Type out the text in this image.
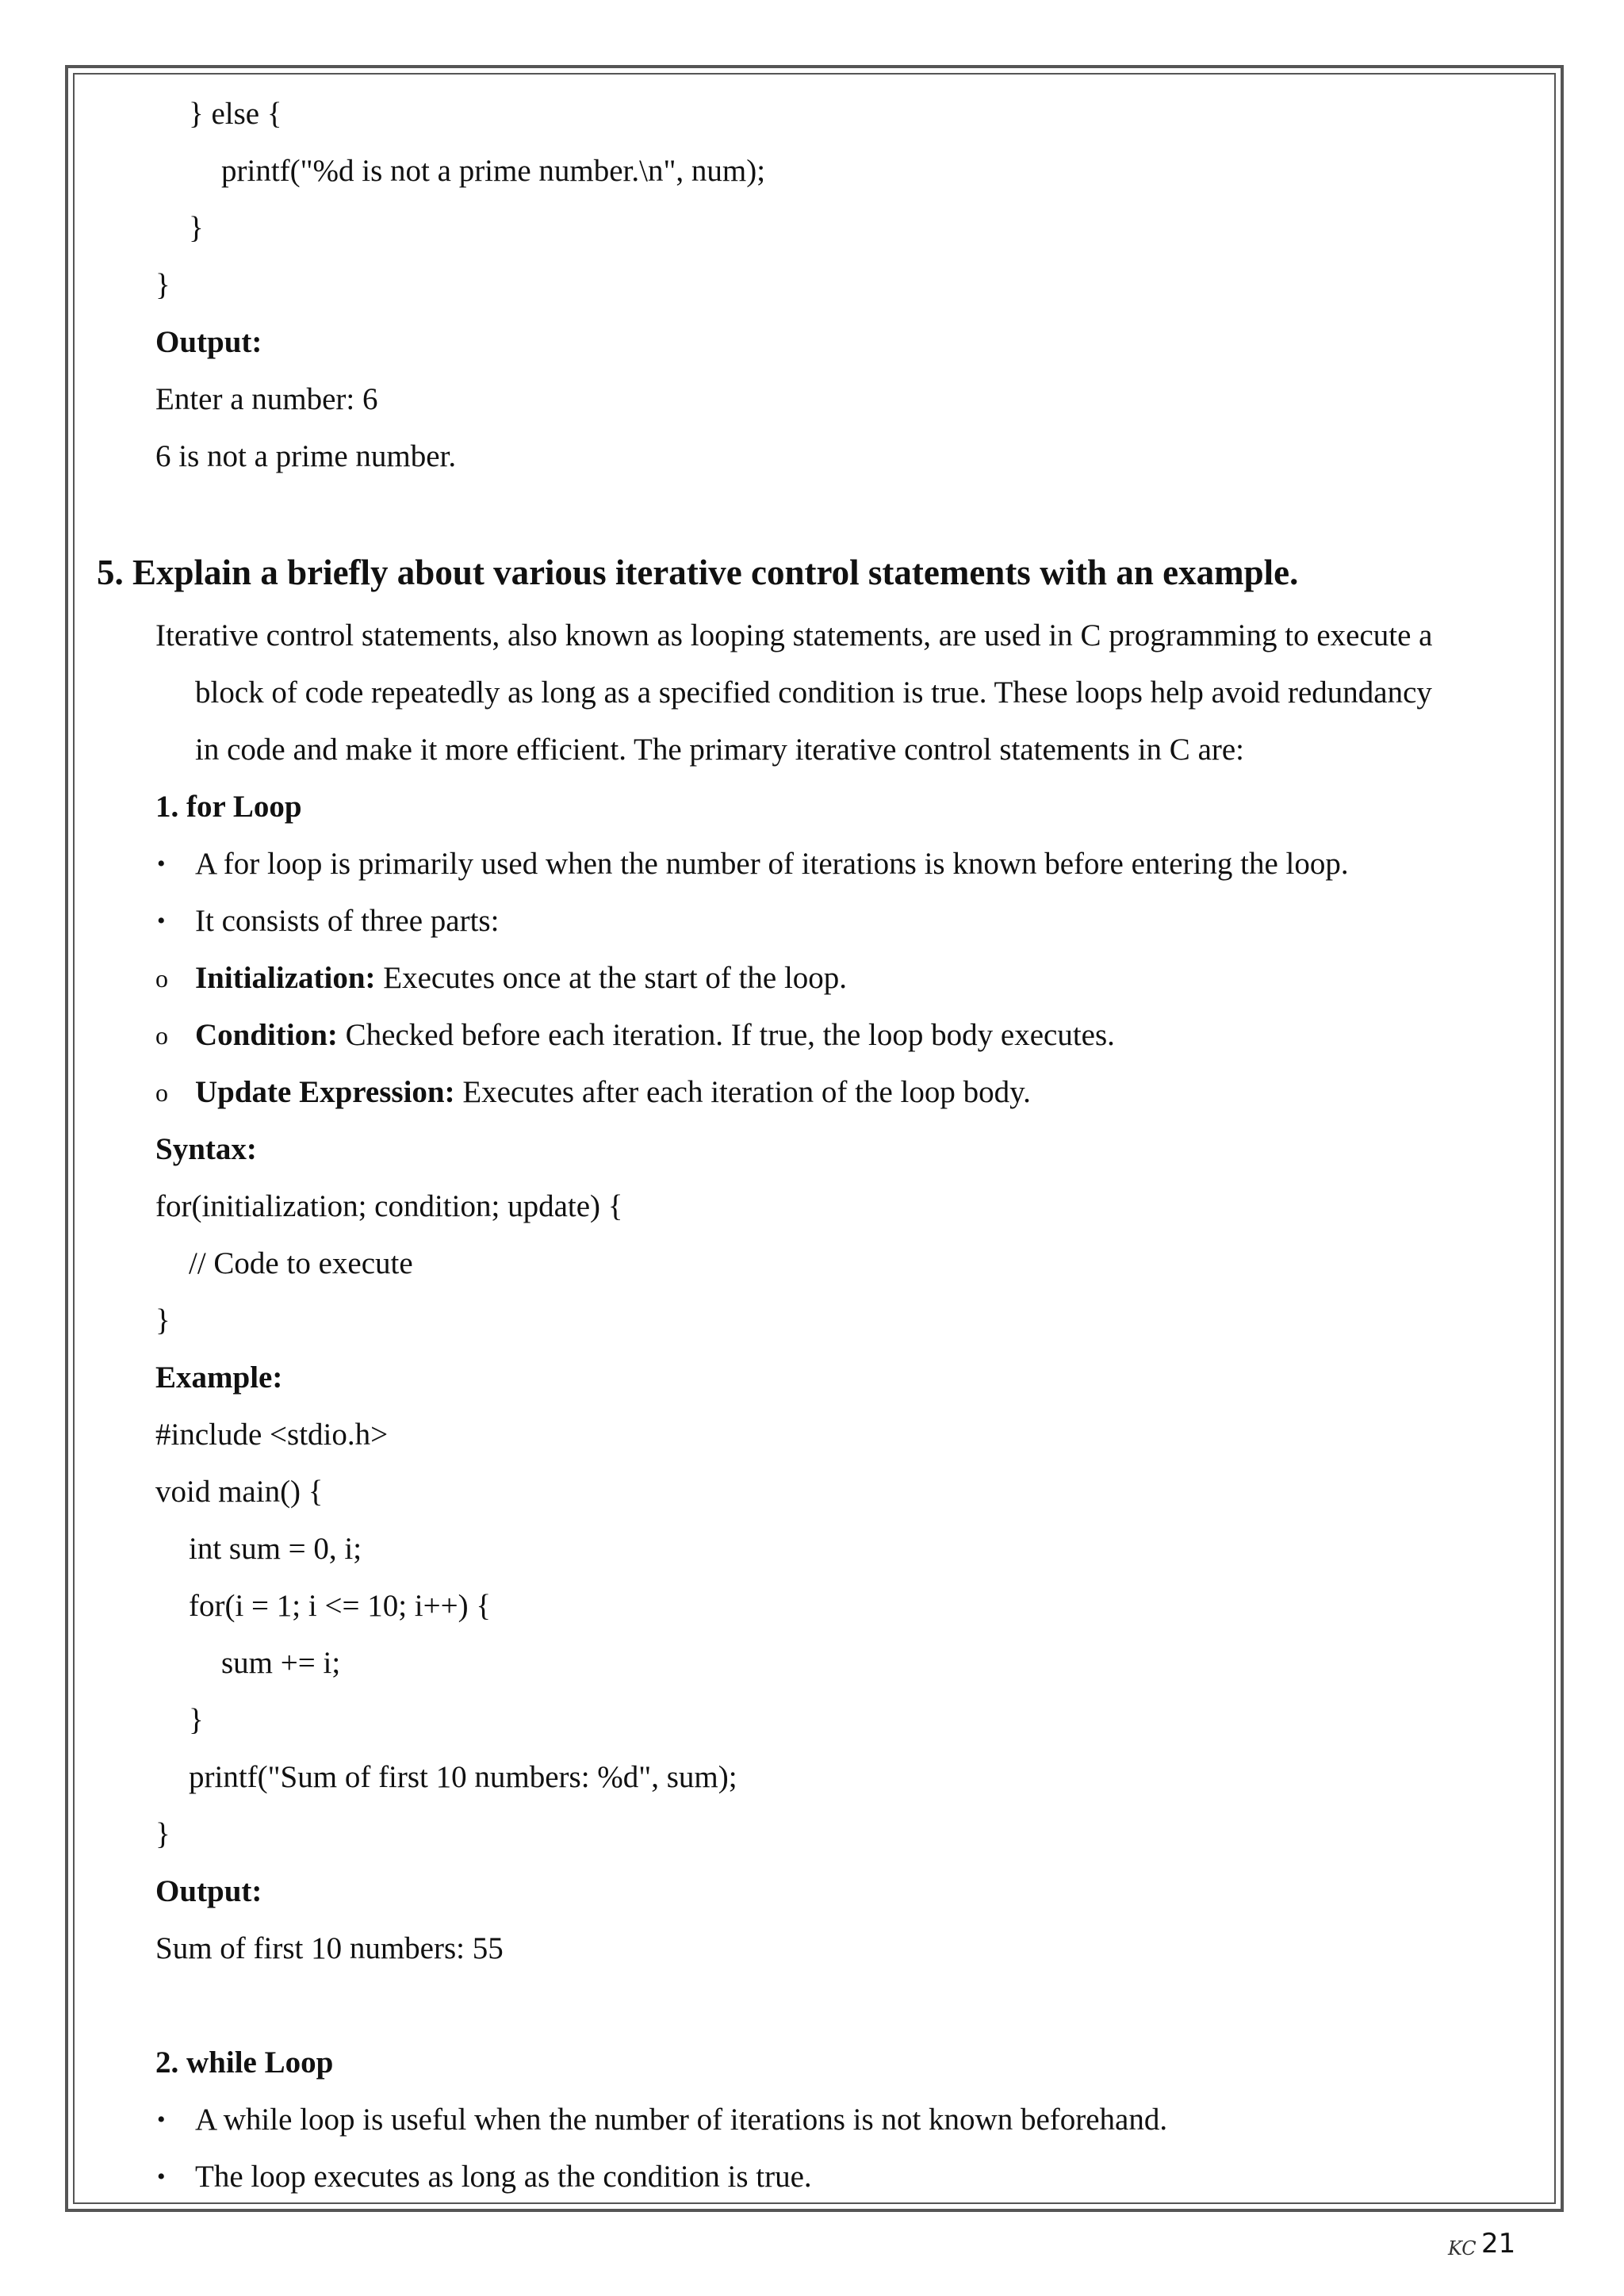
} else {
printf("%d is not a prime number.\n", num);
}
}
Output:
Enter a number: 6
6 is not a prime number.
5. Explain a briefly about various iterative control statements with an example.
Iterative control statements, also known as looping statements, are used in C programming to execute a
block of code repeatedly as long as a specified condition is true. These loops help avoid redundancy
in code and make it more efficient. The primary iterative control statements in C are:
1. for Loop
• A for loop is primarily used when the number of iterations is known before entering the loop.
• It consists of three parts:
o Initialization: Executes once at the start of the loop.
o Condition: Checked before each iteration. If true, the loop body executes.
o Update Expression: Executes after each iteration of the loop body.
Syntax:
for(initialization; condition; update) {
// Code to execute
}
Example:
#include <stdio.h>
void main() {
int sum = 0, i;
for(i = 1; i <= 10; i++) {
sum += i;
}
printf("Sum of first 10 numbers: %d", sum);
}
Output:
Sum of first 10 numbers: 55
2. while Loop
• A while loop is useful when the number of iterations is not known beforehand.
• The loop executes as long as the condition is true.
KC 21
